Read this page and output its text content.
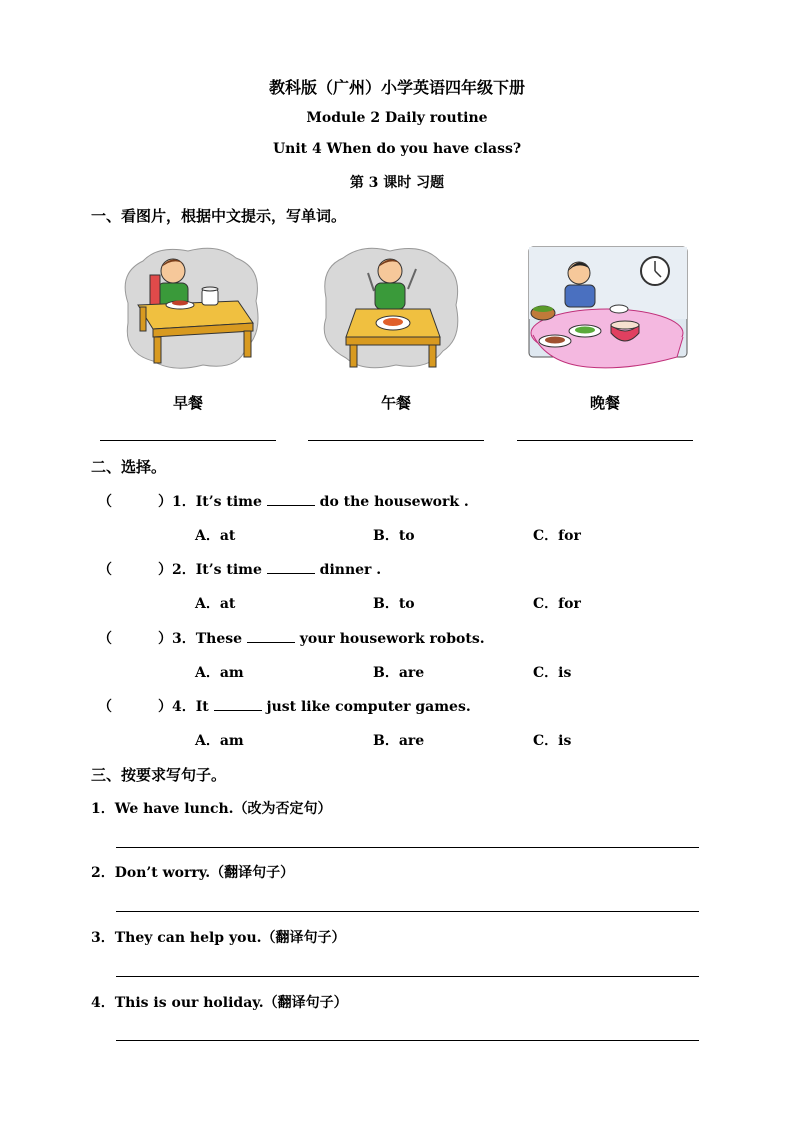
教科版（广州）小学英语四年级下册
Module 2 Daily routine
Unit 4 When do you have class?
第 3 课时 习题
一、看图片，根据中文提示，写单词。
早餐	午餐	晚餐
二、选择。
（	）1．It’s time	do the housework .
A．at	B．to	C．for
（	）2．It’s time	dinner .
A．at	B．to	C．for
（	）3．These	your housework robots.
A．am	B．are	C．is
（	）4．It	just like computer games.
A．am	B．are	C．is
三、按要求写句子。
1．We have lunch.（改为否定句）
2．Don’t worry.（翻译句子）
3．They can help you.（翻译句子）
4．This is our holiday.（翻译句子）
